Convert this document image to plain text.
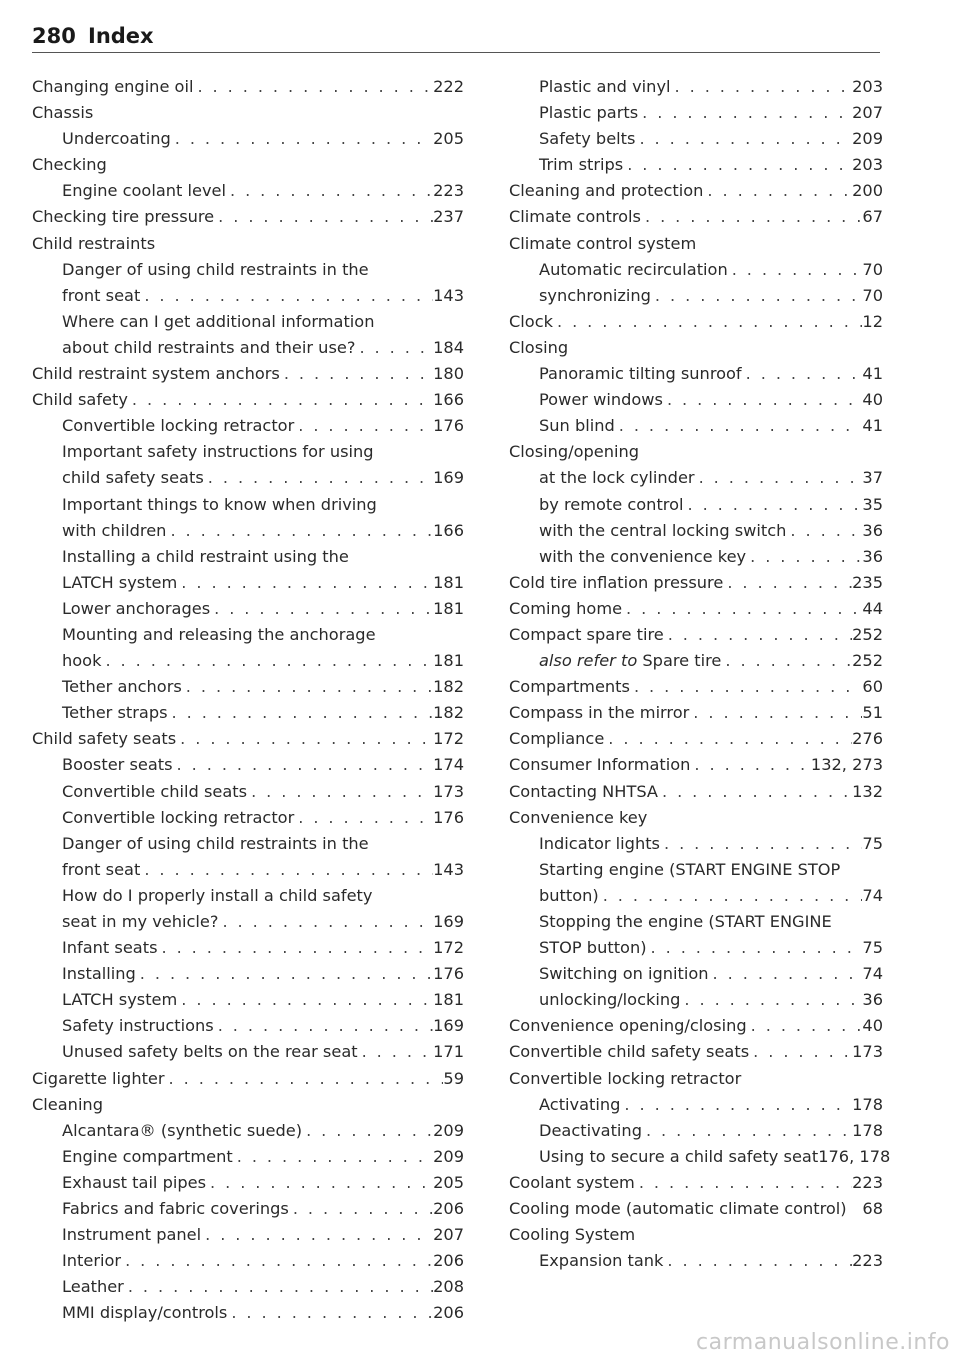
280 Index
Changing engine oil . . .	222
Chassis
Undercoating . . .	205
Checking
Engine coolant level . . .	223
Checking tire pressure . . .	237
Child restraints
Danger of using child restraints in the
front seat . . .	143
Where can I get additional information
about child restraints and their use? . . .	184
Child restraint system anchors . . .	180
Child safety . . .	166
Convertible locking retractor . . .	176
Important safety instructions for using
child safety seats . . .	169
Important things to know when driving
with children . . .	166
Installing a child restraint using the
LATCH system . . .	181
Lower anchorages . . .	181
Mounting and releasing the anchorage
hook . . .	181
Tether anchors . . .	182
Tether straps . . .	182
Child safety seats . . .	172
Booster seats . . .	174
Convertible child seats . . .	173
Convertible locking retractor . . .	176
Danger of using child restraints in the
front seat . . .	143
How do I properly install a child safety
seat in my vehicle? . . .	169
Infant seats . . .	172
Installing . . .	176
LATCH system . . .	181
Safety instructions . . .	169
Unused safety belts on the rear seat . . .	171
Cigarette lighter . . .	59
Cleaning
Alcantara® (synthetic suede) . . .	209
Engine compartment . . .	209
Exhaust tail pipes . . .	205
Fabrics and fabric coverings . . .	206
Instrument panel . . .	207
Interior . . .	206
Leather . . .	208
MMI display/controls . . .	206
Plastic and vinyl . . .	203
Plastic parts . . .	207
Safety belts . . .	209
Trim strips . . .	203
Cleaning and protection . . .	200
Climate controls . . .	67
Climate control system
Automatic recirculation . . .	70
synchronizing . . .	70
Clock . . .	12
Closing
Panoramic tilting sunroof . . .	41
Power windows . . .	40
Sun blind . . .	41
Closing/opening
at the lock cylinder . . .	37
by remote control . . .	35
with the central locking switch . . .	36
with the convenience key . . .	36
Cold tire inflation pressure . . .	235
Coming home . . .	44
Compact spare tire . . .	252
also refer to Spare tire . . .	252
Compartments . . .	60
Compass in the mirror . . .	51
Compliance . . .	276
Consumer Information . . .	132, 273
Contacting NHTSA . . .	132
Convenience key
Indicator lights . . .	75
Starting engine (START ENGINE STOP
button) . . .	74
Stopping the engine (START ENGINE
STOP button) . . .	75
Switching on ignition . . .	74
unlocking/locking . . .	36
Convenience opening/closing . . .	40
Convertible child safety seats . . .	173
Convertible locking retractor
Activating . . .	178
Deactivating . . .	178
Using to secure a child safety seat 176, 178
Coolant system . . .	223
Cooling mode (automatic climate control) 68
Cooling System
Expansion tank . . .	223
carmanualsonline.info
